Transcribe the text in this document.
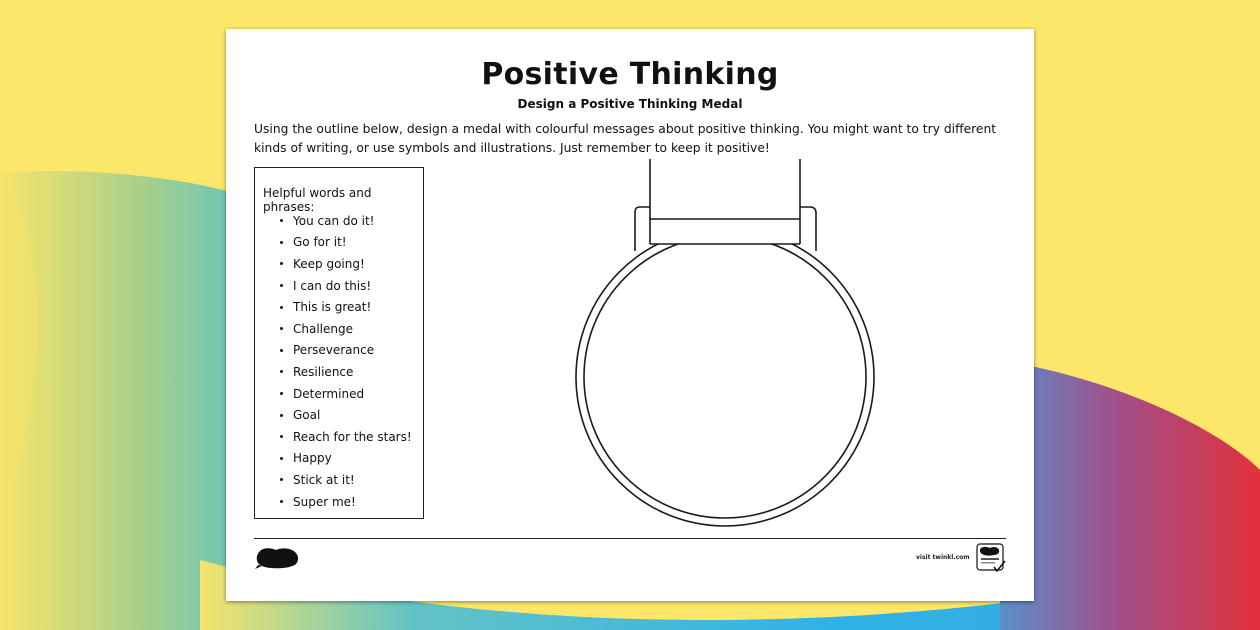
Positive Thinking
Design a Positive Thinking Medal
Using the outline below, design a medal with colourful messages about positive thinking. You might want to try different kinds of writing, or use symbols and illustrations. Just remember to keep it positive!
Helpful words and phrases:
You can do it!
Go for it!
Keep going!
I can do this!
This is great!
Challenge
Perseverance
Resilience
Determined
Goal
Reach for the stars!
Happy
Stick at it!
Super me!
visit twinkl.com
